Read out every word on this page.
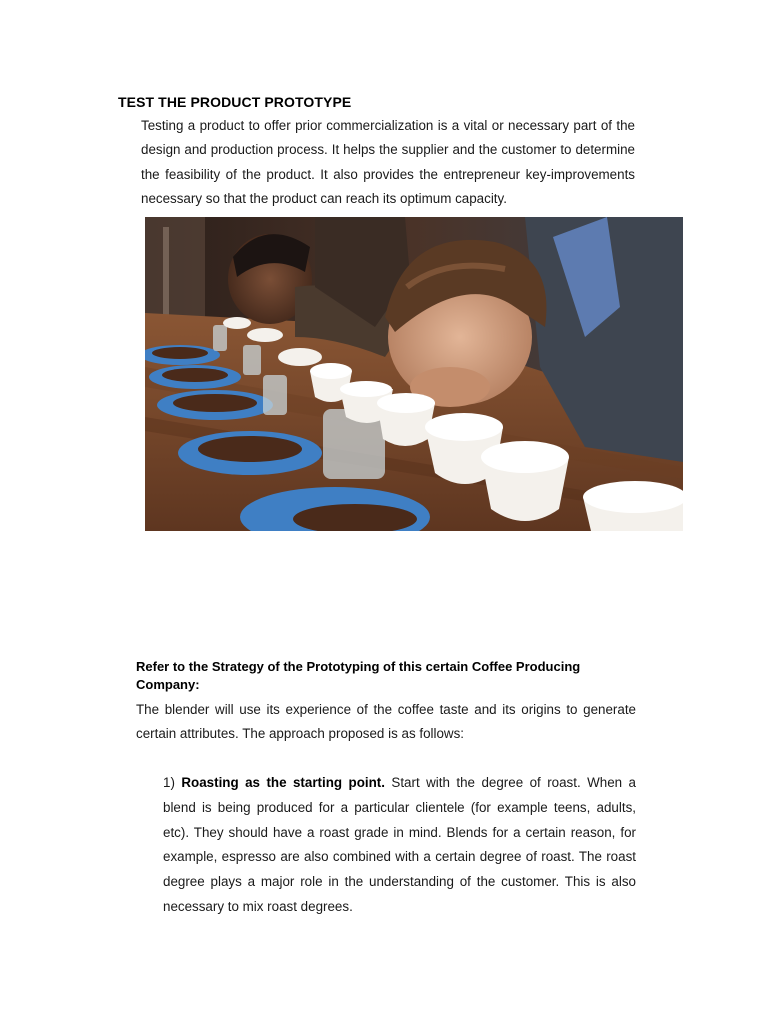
TEST THE PRODUCT PROTOTYPE

Testing a product to offer prior commercialization is a vital or necessary part of the design and production process. It helps the supplier and the customer to determine the feasibility of the product. It also provides the entrepreneur key-improvements necessary so that the product can reach its optimum capacity.

Refer to the Strategy of the Prototyping of this certain Coffee Producing Company:

The blender will use its experience of the coffee taste and its origins to generate certain attributes. The approach proposed is as follows:

1) Roasting as the starting point. Start with the degree of roast. When a blend is being produced for a particular clientele (for example teens, adults, etc). They should have a roast grade in mind. Blends for a certain reason, for example, espresso are also combined with a certain degree of roast. The roast degree plays a major role in the understanding of the customer. This is also necessary to mix roast degrees.
